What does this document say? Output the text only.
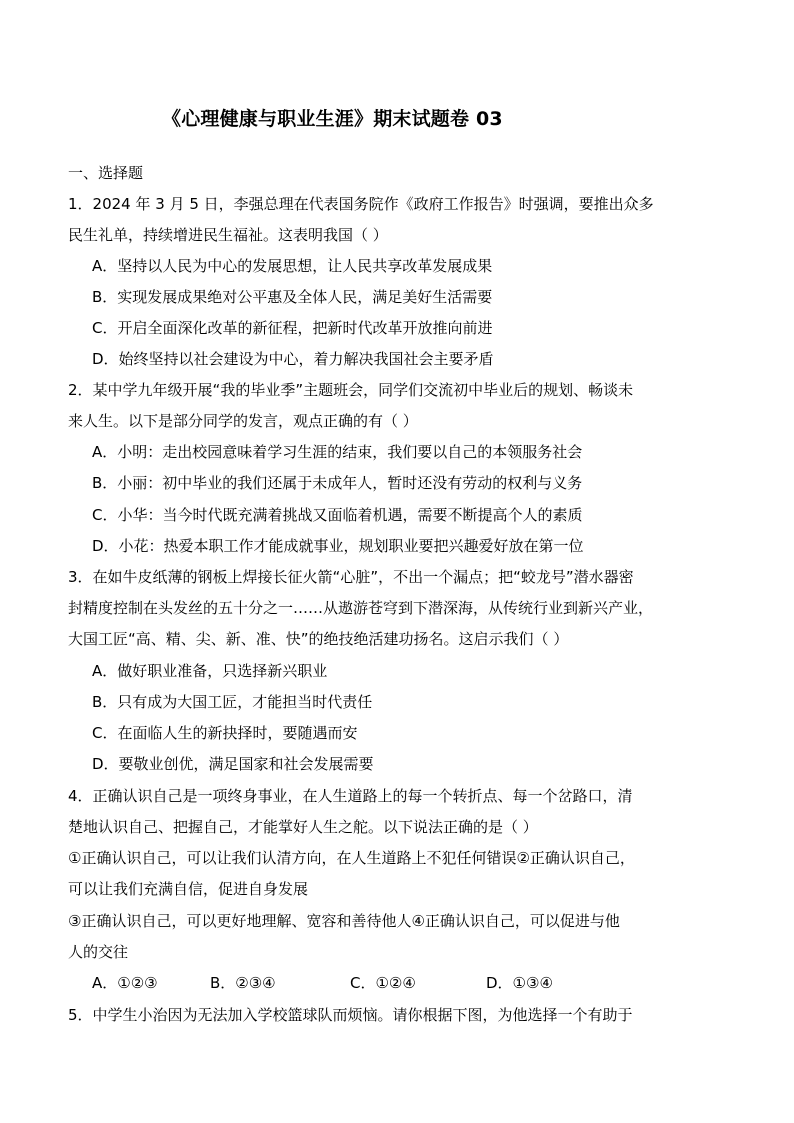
《心理健康与职业生涯》期末试题卷 03
一、选择题
1．2024 年 3 月 5 日，李强总理在代表国务院作《政府工作报告》时强调，要推出众多
民生礼单，持续增进民生福祉。这表明我国（ ）
A．坚持以人民为中心的发展思想，让人民共享改革发展成果
B．实现发展成果绝对公平惠及全体人民，满足美好生活需要
C．开启全面深化改革的新征程，把新时代改革开放推向前进
D．始终坚持以社会建设为中心，着力解决我国社会主要矛盾
2．某中学九年级开展“我的毕业季”主题班会，同学们交流初中毕业后的规划、畅谈未
来人生。以下是部分同学的发言，观点正确的有（ ）
A．小明：走出校园意味着学习生涯的结束，我们要以自己的本领服务社会
B．小丽：初中毕业的我们还属于未成年人，暂时还没有劳动的权利与义务
C．小华：当今时代既充满着挑战又面临着机遇，需要不断提高个人的素质
D．小花：热爱本职工作才能成就事业，规划职业要把兴趣爱好放在第一位
3．在如牛皮纸薄的钢板上焊接长征火箭“心脏”，不出一个漏点；把“蛟龙号”潜水器密
封精度控制在头发丝的五十分之一……从遨游苍穹到下潜深海，从传统行业到新兴产业，
大国工匠“高、精、尖、新、准、快”的绝技绝活建功扬名。这启示我们（ ）
A．做好职业准备，只选择新兴职业
B．只有成为大国工匠，才能担当时代责任
C．在面临人生的新抉择时，要随遇而安
D．要敬业创优，满足国家和社会发展需要
4．正确认识自己是一项终身事业，在人生道路上的每一个转折点、每一个岔路口，清
楚地认识自己、把握自己，才能掌好人生之舵。以下说法正确的是（ ）
①正确认识自己，可以让我们认清方向，在人生道路上不犯任何错误②正确认识自己，
可以让我们充满自信，促进自身发展
③正确认识自己，可以更好地理解、宽容和善待他人④正确认识自己，可以促进与他
人的交往
A．①②③	B．②③④	C．①②④	D．①③④
5．中学生小治因为无法加入学校篮球队而烦恼。请你根据下图，为他选择一个有助于
